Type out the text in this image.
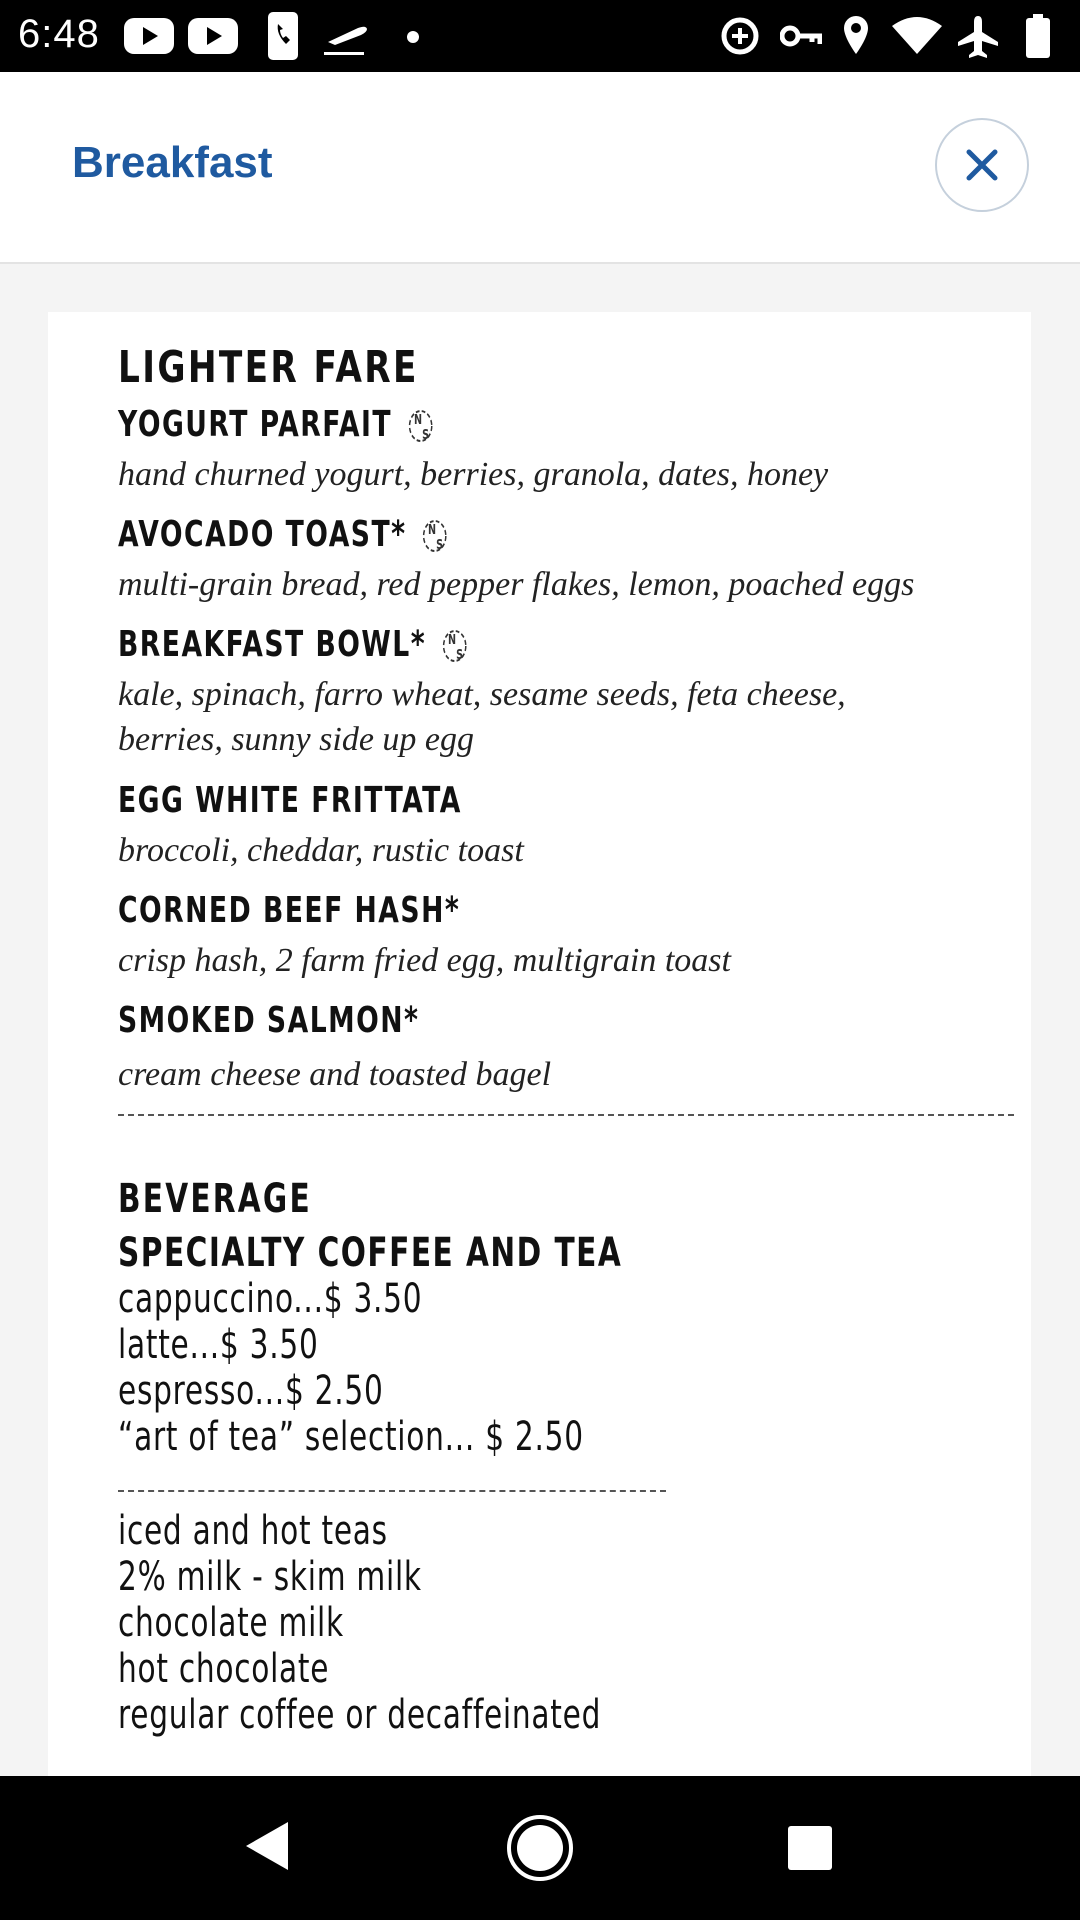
6:48
Breakfast
LIGHTER FARE
YOGURT PARFAIT N
S
hand churned yogurt, berries, granola, dates, honey
AVOCADO TOAST* N
S
multi-grain bread, red pepper flakes, lemon, poached eggs
BREAKFAST BOWL* N
S
kale, spinach, farro wheat, sesame seeds, feta cheese, berries, sunny side up egg
EGG WHITE FRITTATA
broccoli, cheddar, rustic toast
CORNED BEEF HASH*
crisp hash, 2 farm fried egg, multigrain toast
SMOKED SALMON*
cream cheese and toasted bagel
BEVERAGE
SPECIALTY COFFEE AND TEA
cappuccino...$ 3.50
latte...$ 3.50
espresso...$ 2.50
“art of tea” selection... $ 2.50
iced and hot teas
2% milk - skim milk
chocolate milk
hot chocolate
regular coffee or decaffeinated
